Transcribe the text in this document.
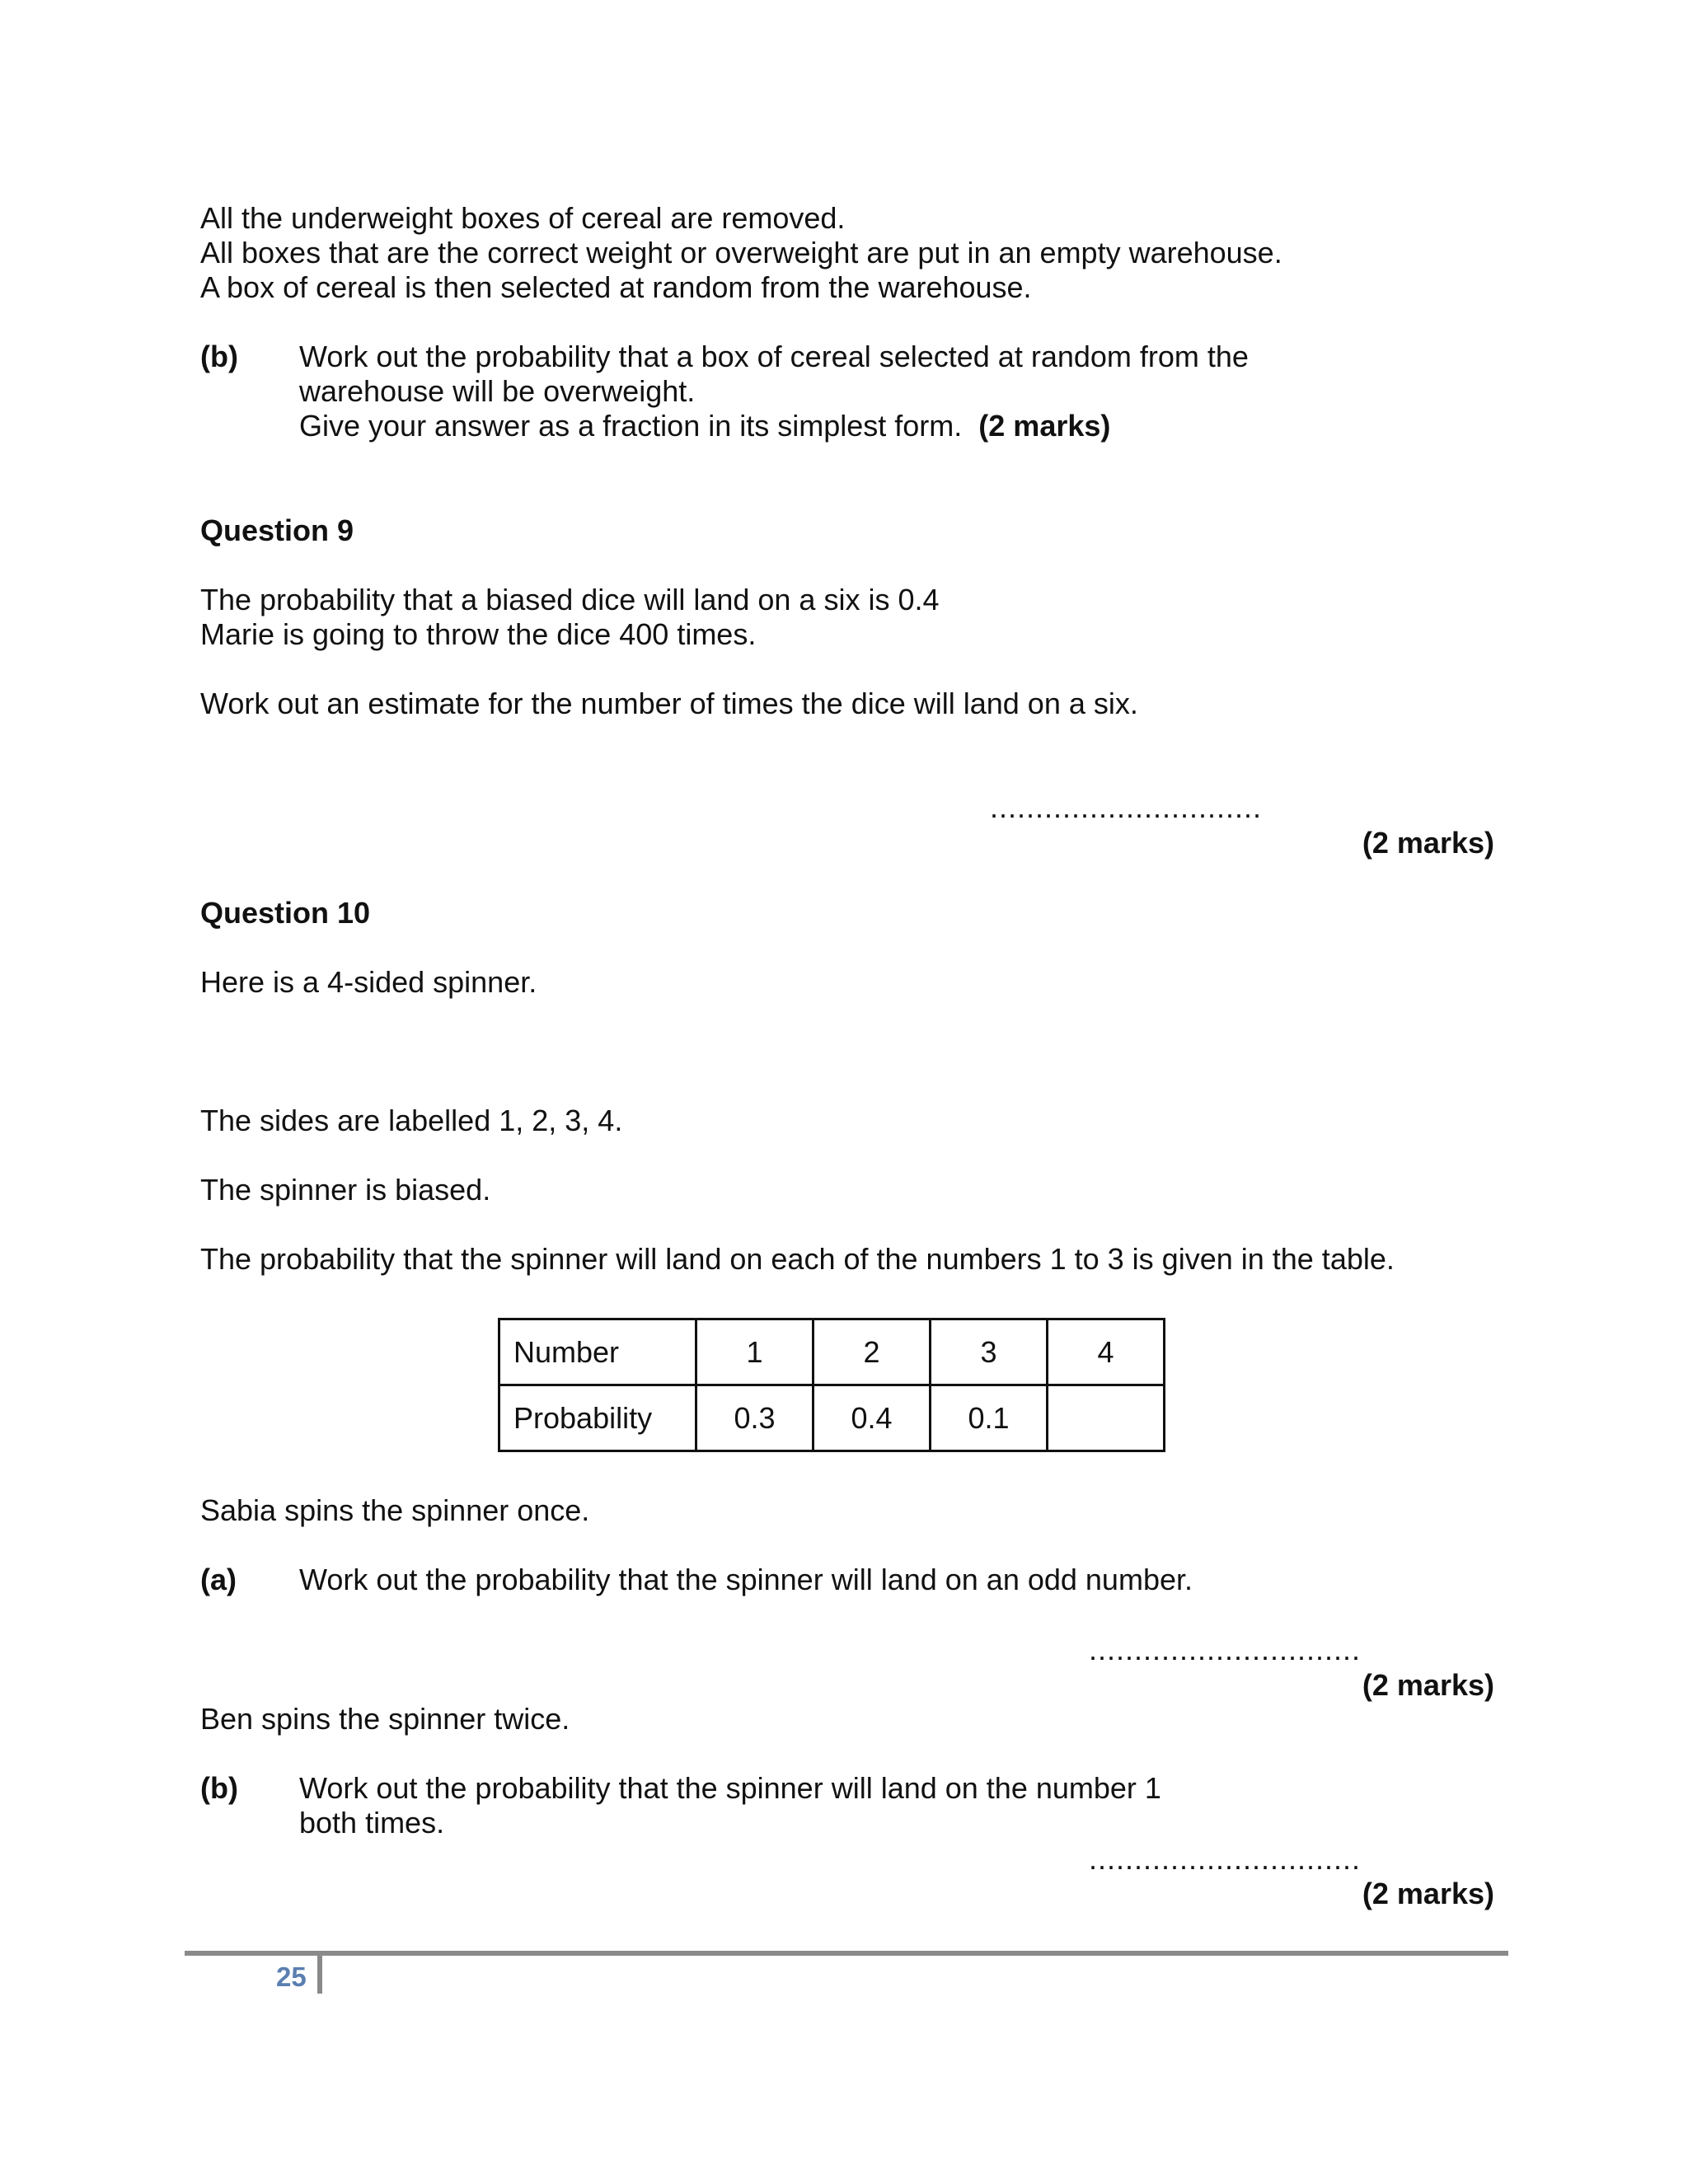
All the underweight boxes of cereal are removed.
All boxes that are the correct weight or overweight are put in an empty warehouse.
A box of cereal is then selected at random from the warehouse.
(b) Work out the probability that a box of cereal selected at random from the
warehouse will be overweight.
Give your answer as a fraction in its simplest form. (2 marks)
Question 9
The probability that a biased dice will land on a six is 0.4
Marie is going to throw the dice 400 times.
Work out an estimate for the number of times the dice will land on a six.
..............................
(2 marks)
Question 10
Here is a 4-sided spinner.
The sides are labelled 1, 2, 3, 4.
The spinner is biased.
The probability that the spinner will land on each of the numbers 1 to 3 is given in the table.
Number	1	2	3	4
Probability	0.3	0.4	0.1	
Sabia spins the spinner once.
(a) Work out the probability that the spinner will land on an odd number.
..............................
(2 marks)
Ben spins the spinner twice.
(b) Work out the probability that the spinner will land on the number 1
both times.
..............................
(2 marks)
25
